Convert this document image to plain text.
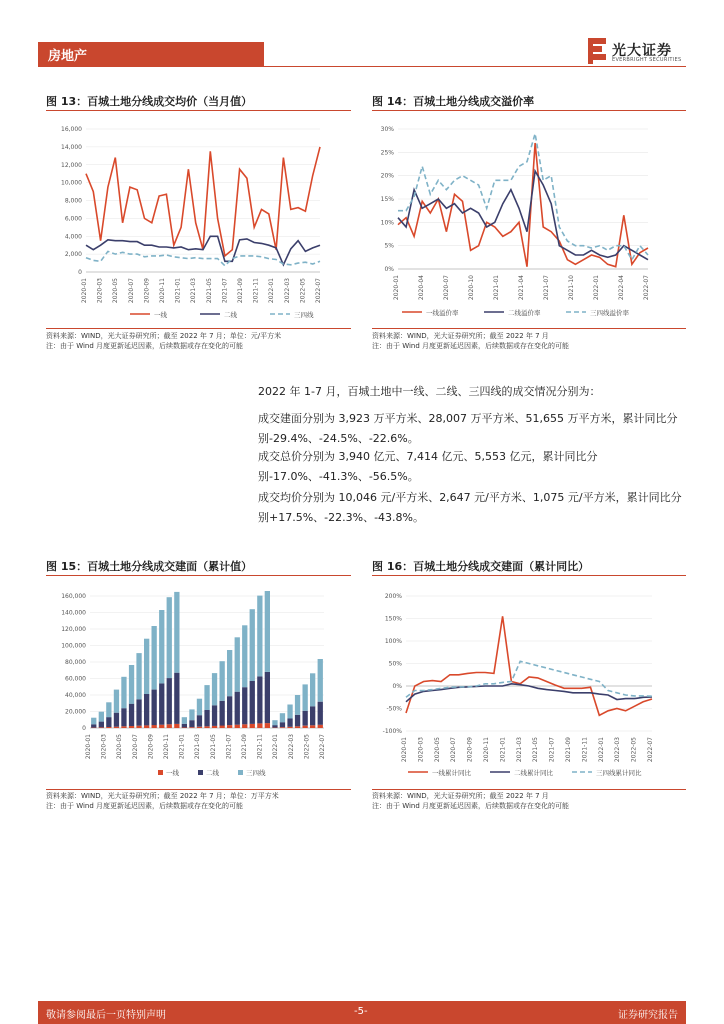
房地产	光大证券
EVERBRIGHT SECURITIES
图 13：百城土地分线成交均价（当月值）
0
2,000
4,000
6,000
8,000
10,000
12,000
14,000
16,000
2020-01 2020-03 2020-05 2020-07 2020-09 2020-11 2021-01 2021-03 2021-05 2021-07 2021-09 2021-11 2022-01 2022-03 2022-05 2022-07
一线	二线	三四线
资料来源：WIND，光大证券研究所；截至 2022 年 7 月；单位：元/平方米
注：由于 Wind 月度更新延迟因素，后续数据或存在变化的可能
图 14：百城土地分线成交溢价率
0%
5%
10%
15%
20%
25%
30%
2020-01	2020-04	2020-07	2020-10	2021-01	2021-04	2021-07	2021-10	2022-01	2022-04	2022-07
一线溢价率	二线溢价率	三四线溢价率
资料来源：WIND，光大证券研究所；截至 2022 年 7 月
注：由于 Wind 月度更新延迟因素，后续数据或存在变化的可能
2022 年 1-7 月，百城土地中一线、二线、三四线的成交情况分别为：
成交建面分别为 3,923 万平方米、28,007 万平方米、51,655 万平方米，累计同比分别-29.4%、-24.5%、-22.6%。
成交总价分别为 3,940 亿元、7,414 亿元、5,553 亿元，累计同比分别-17.0%、-41.3%、-56.5%。
成交均价分别为 10,046 元/平方米、2,647 元/平方米、1,075 元/平方米，累计同比分别+17.5%、-22.3%、-43.8%。
图 15：百城土地分线成交建面（累计值）
0
20,000
40,000
60,000
80,000
100,000
120,000
140,000
160,000
2020-01 2020-03 2020-05 2020-07 2020-09 2020-11 2021-01 2021-03 2021-05 2021-07 2021-09 2021-11 2022-01 2022-03 2022-05 2022-07
一线	二线	三四线
资料来源：WIND，光大证券研究所；截至 2022 年 7 月；单位：万平方米
注：由于 Wind 月度更新延迟因素，后续数据或存在变化的可能
图 16：百城土地分线成交建面（累计同比）
-100%
-50%
0%
50%
100%
150%
200%
2020-01 2020-03 2020-05 2020-07 2020-09 2020-11 2021-01 2021-03 2021-05 2021-07 2021-09 2021-11 2022-01 2022-03 2022-05 2022-07
一线累计同比	二线累计同比	三四线累计同比
资料来源：WIND，光大证券研究所；截至 2022 年 7 月
注：由于 Wind 月度更新延迟因素，后续数据或存在变化的可能
敬请参阅最后一页特别声明	-5-	证券研究报告
